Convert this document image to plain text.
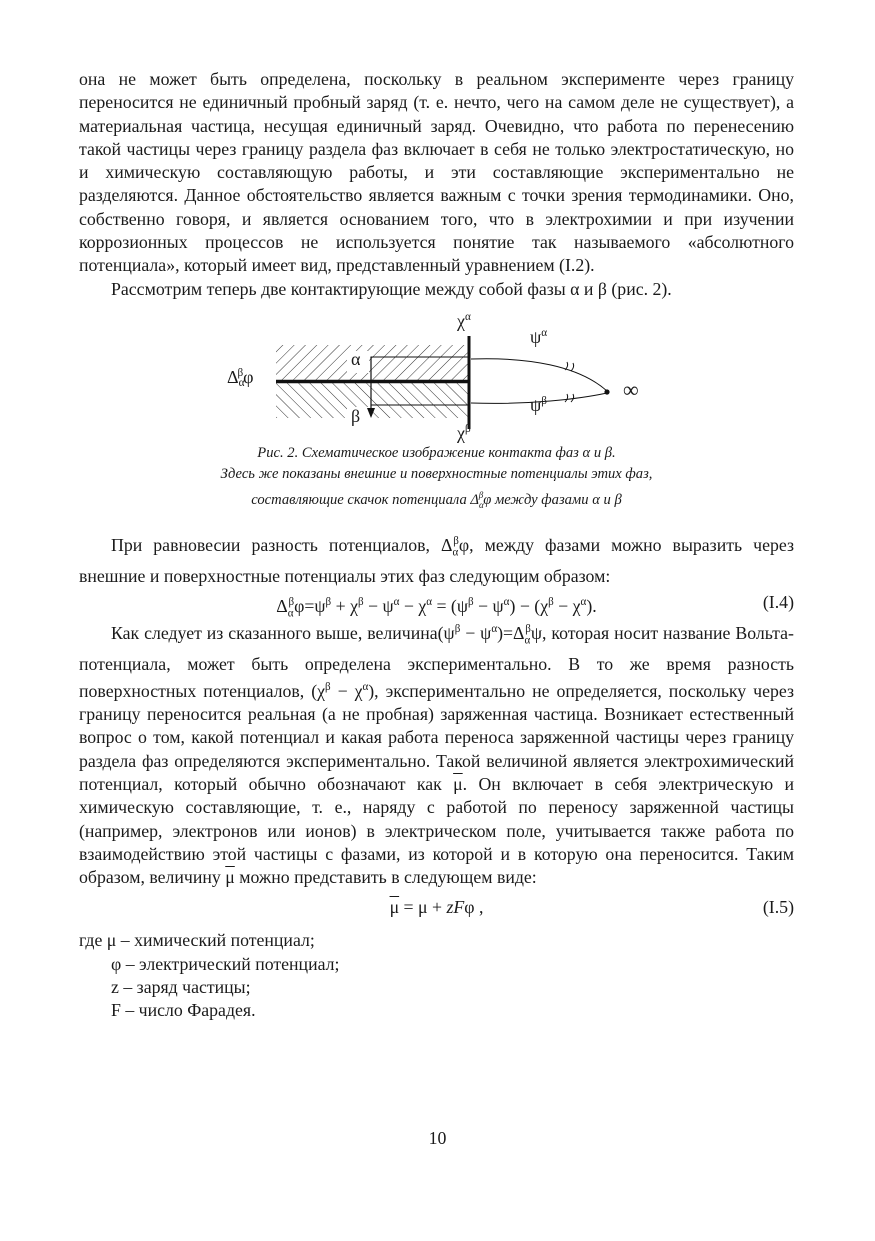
она не может быть определена, поскольку в реальном эксперименте через границу переносится не единичный пробный заряд (т. е. нечто, чего на самом деле не существует), а материальная частица, несущая единичный заряд. Очевидно, что работа по перенесению такой частицы через границу раздела фаз включает в себя не только электростатическую, но и химическую составляющую работы, и эти составляющие экспериментально не разделяются. Данное обстоятельство является важным с точки зрения термодинамики. Оно, собственно говоря, и является основанием того, что в электрохимии и при изучении коррозионных процессов не используется понятие так называемого «абсолютного потенциала», который имеет вид, представленный уравнением (I.2).

Рассмотрим теперь две контактирующие между собой фазы α и β (рис. 2).

$\chi^\alpha$
$\chi^\beta$
$\psi^\alpha$
$\psi^\beta$
α
β
$\Delta_\alpha^\beta\varphi$	∞
Рис. 2. Схематическое изображение контакта фаз α и β.
Здесь же показаны внешние и поверхностные потенциалы этих фаз,
составляющие скачок потенциала $\Delta_\alpha^\beta\varphi$ между фазами α и β

При равновесии разность потенциалов, $\Delta_\alpha^\beta\varphi$, между фазами можно выразить через внешние и поверхностные потенциалы этих фаз следующим образом:

$\Delta_\alpha^\beta\varphi=\psi^\beta + \chi^\beta - \psi^\alpha - \chi^\alpha = (\psi^\beta - \psi^\alpha) - (\chi^\beta - \chi^\alpha)$.	(I.4)

Как следует из сказанного выше, $величина(\psi^\beta - \psi^\alpha)=\Delta_\alpha^\beta\psi$, которая носит название Вольта-потенциала, может быть определена экспериментально. В то же время разность поверхностных потенциалов, $(\chi^\beta - \chi^\alpha)$, экспериментально не определяется, поскольку через границу переносится реальная (а не пробная) заряженная частица. Возникает естественный вопрос о том, какой потенциал и какая работа переноса заряженной частицы через границу раздела фаз определяются экспериментально. Такой величиной является электрохимический потенциал, который обычно обозначают как $\overline{\mu}$. Он включает в себя электрическую и химическую составляющие, т. е., наряду с работой по переносу заряженной частицы (например, электронов или ионов) в электрическом поле, учитывается также работа по взаимодействию этой частицы с фазами, из которой и в которую она переносится. Таким образом, величину $\overline{\mu}$ можно представить в следующем виде:

$\overline{\mu} = \mu + zF\varphi$ ,	(I.5)

где μ – химический потенциал;

φ – электрический потенциал;

z – заряд частицы;

F – число Фарадея.

10
